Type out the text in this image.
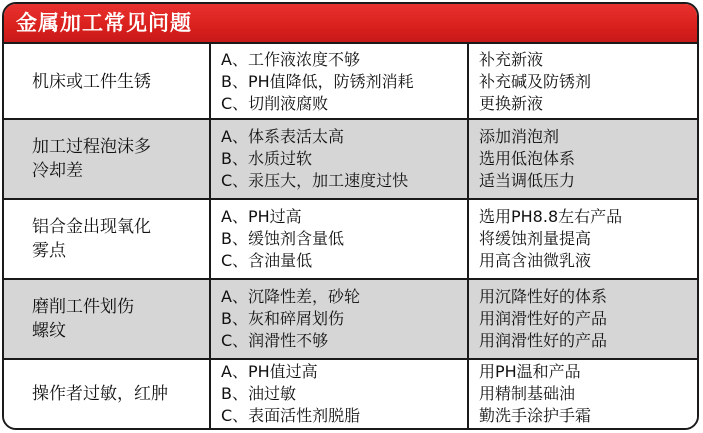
金属加工常见问题
机床或工件生锈
A、工作液浓度不够
B、PH值降低，防锈剂消耗
C、切削液腐败
补充新液
补充碱及防锈剂
更换新液
加工过程泡沫多
冷却差
A、体系表活太高
B、水质过软
C、汞压大，加工速度过快
添加消泡剂
选用低泡体系
适当调低压力
铝合金出现氧化
雾点
A、PH过高
B、缓蚀剂含量低
C、含油量低
选用PH8.8左右产品
将缓蚀剂量提高
用高含油微乳液
磨削工件划伤
螺纹
A、沉降性差，砂轮
B、灰和碎屑划伤
C、润滑性不够
用沉降性好的体系
用润滑性好的产品
用润滑性好的产品
操作者过敏，红肿
A、PH值过高
B、油过敏
C、表面活性剂脱脂
用PH温和产品
用精制基础油
勤洗手涂护手霜
